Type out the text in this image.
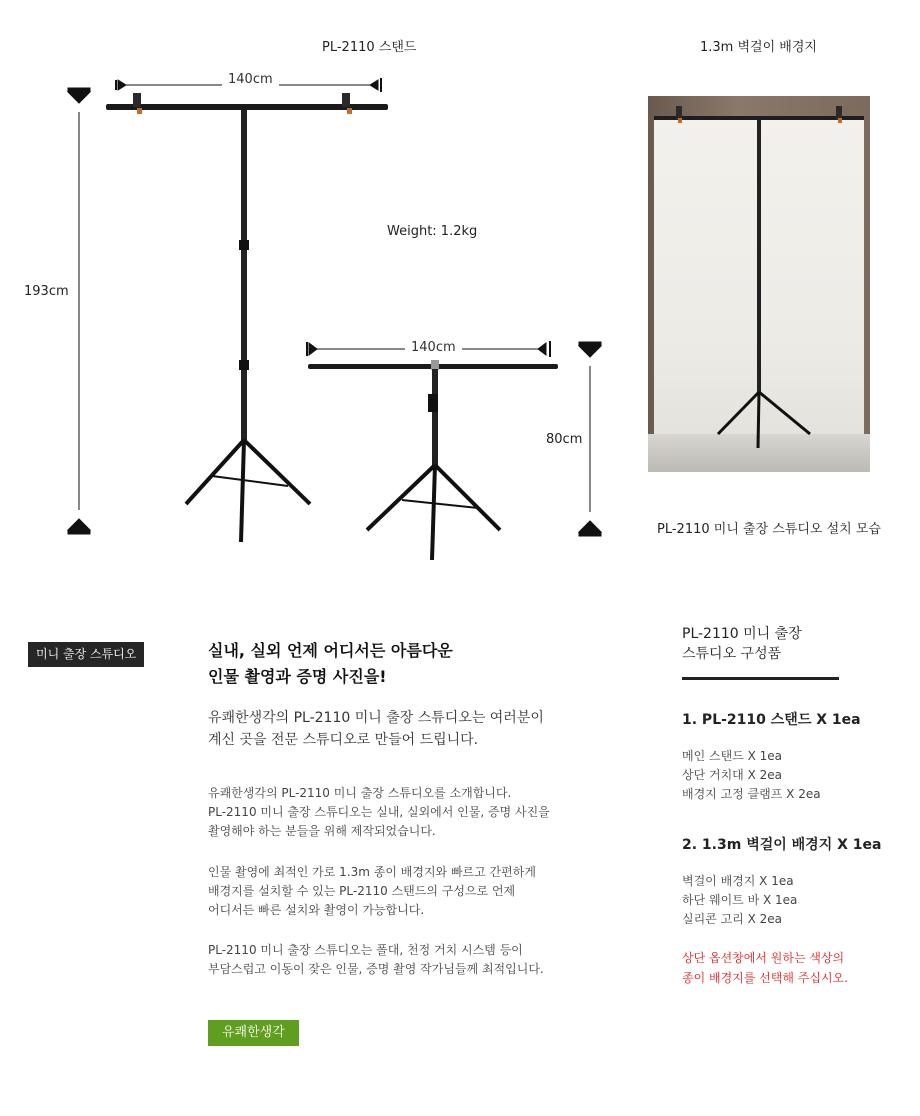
PL-2110 스탠드	1.3m 벽걸이 배경지
140cm
193cm
Weight: 1.2kg
140cm
80cm
PL-2110 미니 출장 스튜디오 설치 모습
미니 출장 스튜디오	실내, 실외 언제 어디서든 아름다운
인물 촬영과 증명 사진을!
유쾌한생각의 PL-2110 미니 출장 스튜디오는 여러분이
계신 곳을 전문 스튜디오로 만들어 드립니다.
유쾌한생각의 PL-2110 미니 출장 스튜디오를 소개합니다.
PL-2110 미니 출장 스튜디오는 실내, 실외에서 인물, 증명 사진을
촬영해야 하는 분들을 위해 제작되었습니다.
인물 촬영에 최적인 가로 1.3m 종이 배경지와 빠르고 간편하게
배경지를 설치할 수 있는 PL-2110 스탠드의 구성으로 언제
어디서든 빠른 설치와 촬영이 가능합니다.
PL-2110 미니 출장 스튜디오는 폴대, 천정 거치 시스템 등이
부담스럽고 이동이 잦은 인물, 증명 촬영 작가님들께 최적입니다.
유쾌한생각
PL-2110 미니 출장
스튜디오 구성품
1. PL-2110 스탠드 X 1ea
메인 스탠드 X 1ea
상단 거치대 X 2ea
배경지 고정 클램프 X 2ea
2. 1.3m 벽걸이 배경지 X 1ea
벽걸이 배경지 X 1ea
하단 웨이트 바 X 1ea
실리콘 고리 X 2ea
상단 옵션창에서 원하는 색상의
종이 배경지를 선택해 주십시오.
